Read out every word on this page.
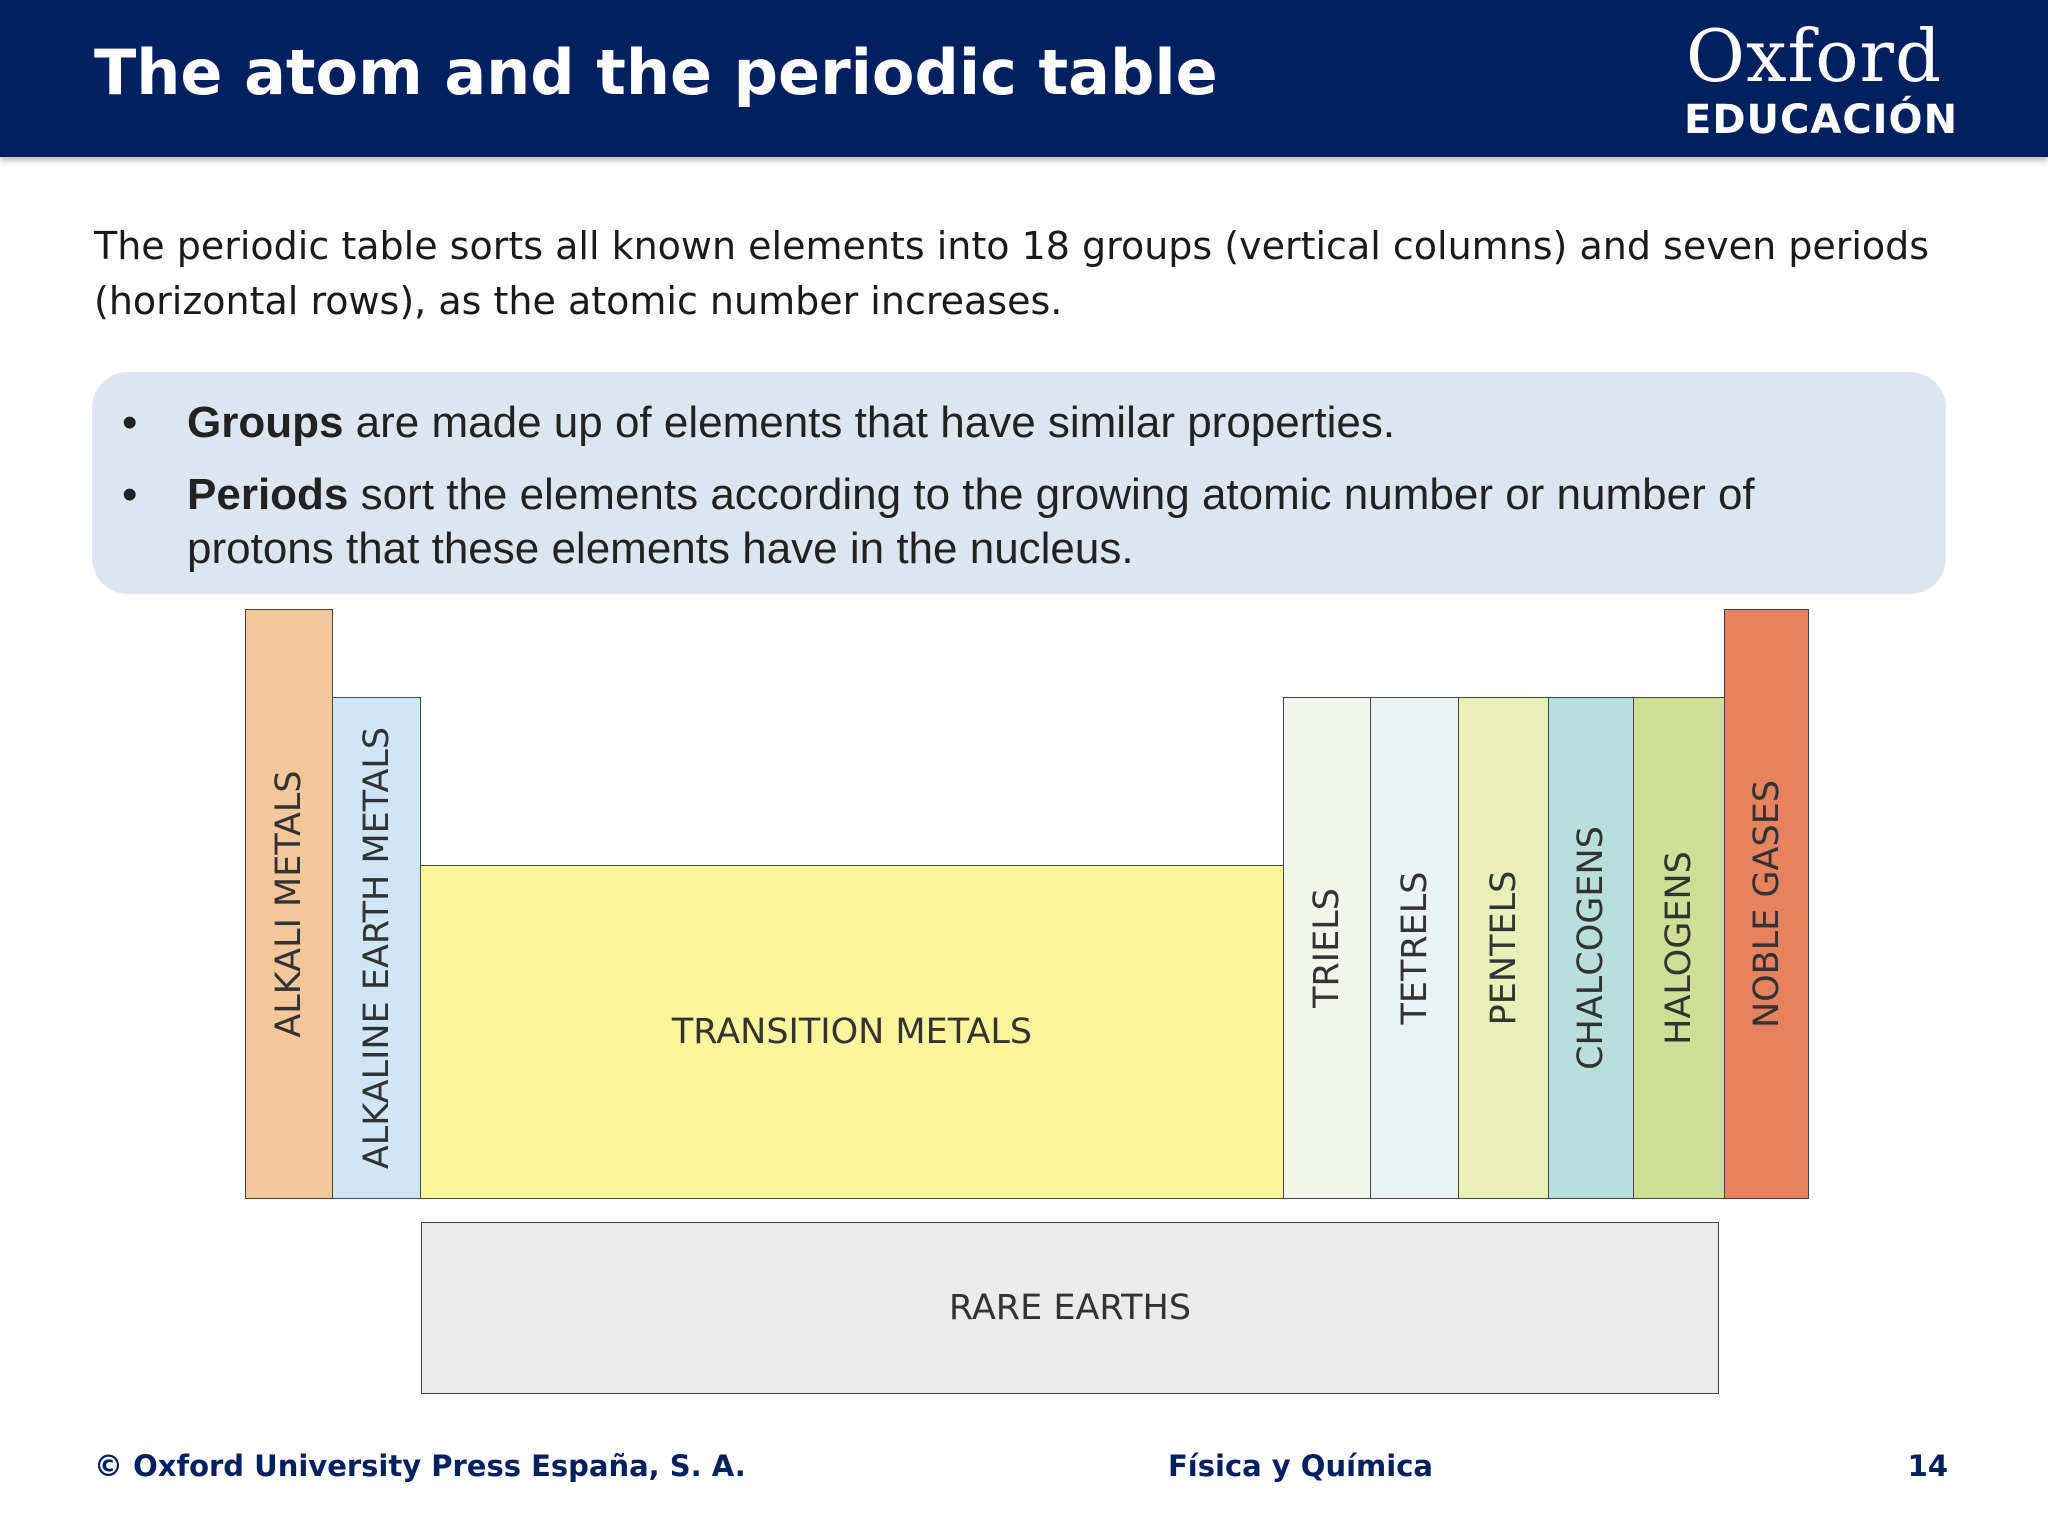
The atom and the periodic table	Oxford
EDUCACIÓN

The periodic table sorts all known elements into 18 groups (vertical columns) and seven periods (horizontal rows), as the atomic number increases.

• Groups are made up of elements that have similar properties.
• Periods sort the elements according to the growing atomic number or number of protons that these elements have in the nucleus.
ALKALI METALS ALKALINE EARTH METALS	TRANSITION METALS
TRIELS TETRELS PENTELS CHALCOGENS HALOGENS NOBLE GASES
RARE EARTHS
© Oxford University Press España, S. A.	Física y Química	14
